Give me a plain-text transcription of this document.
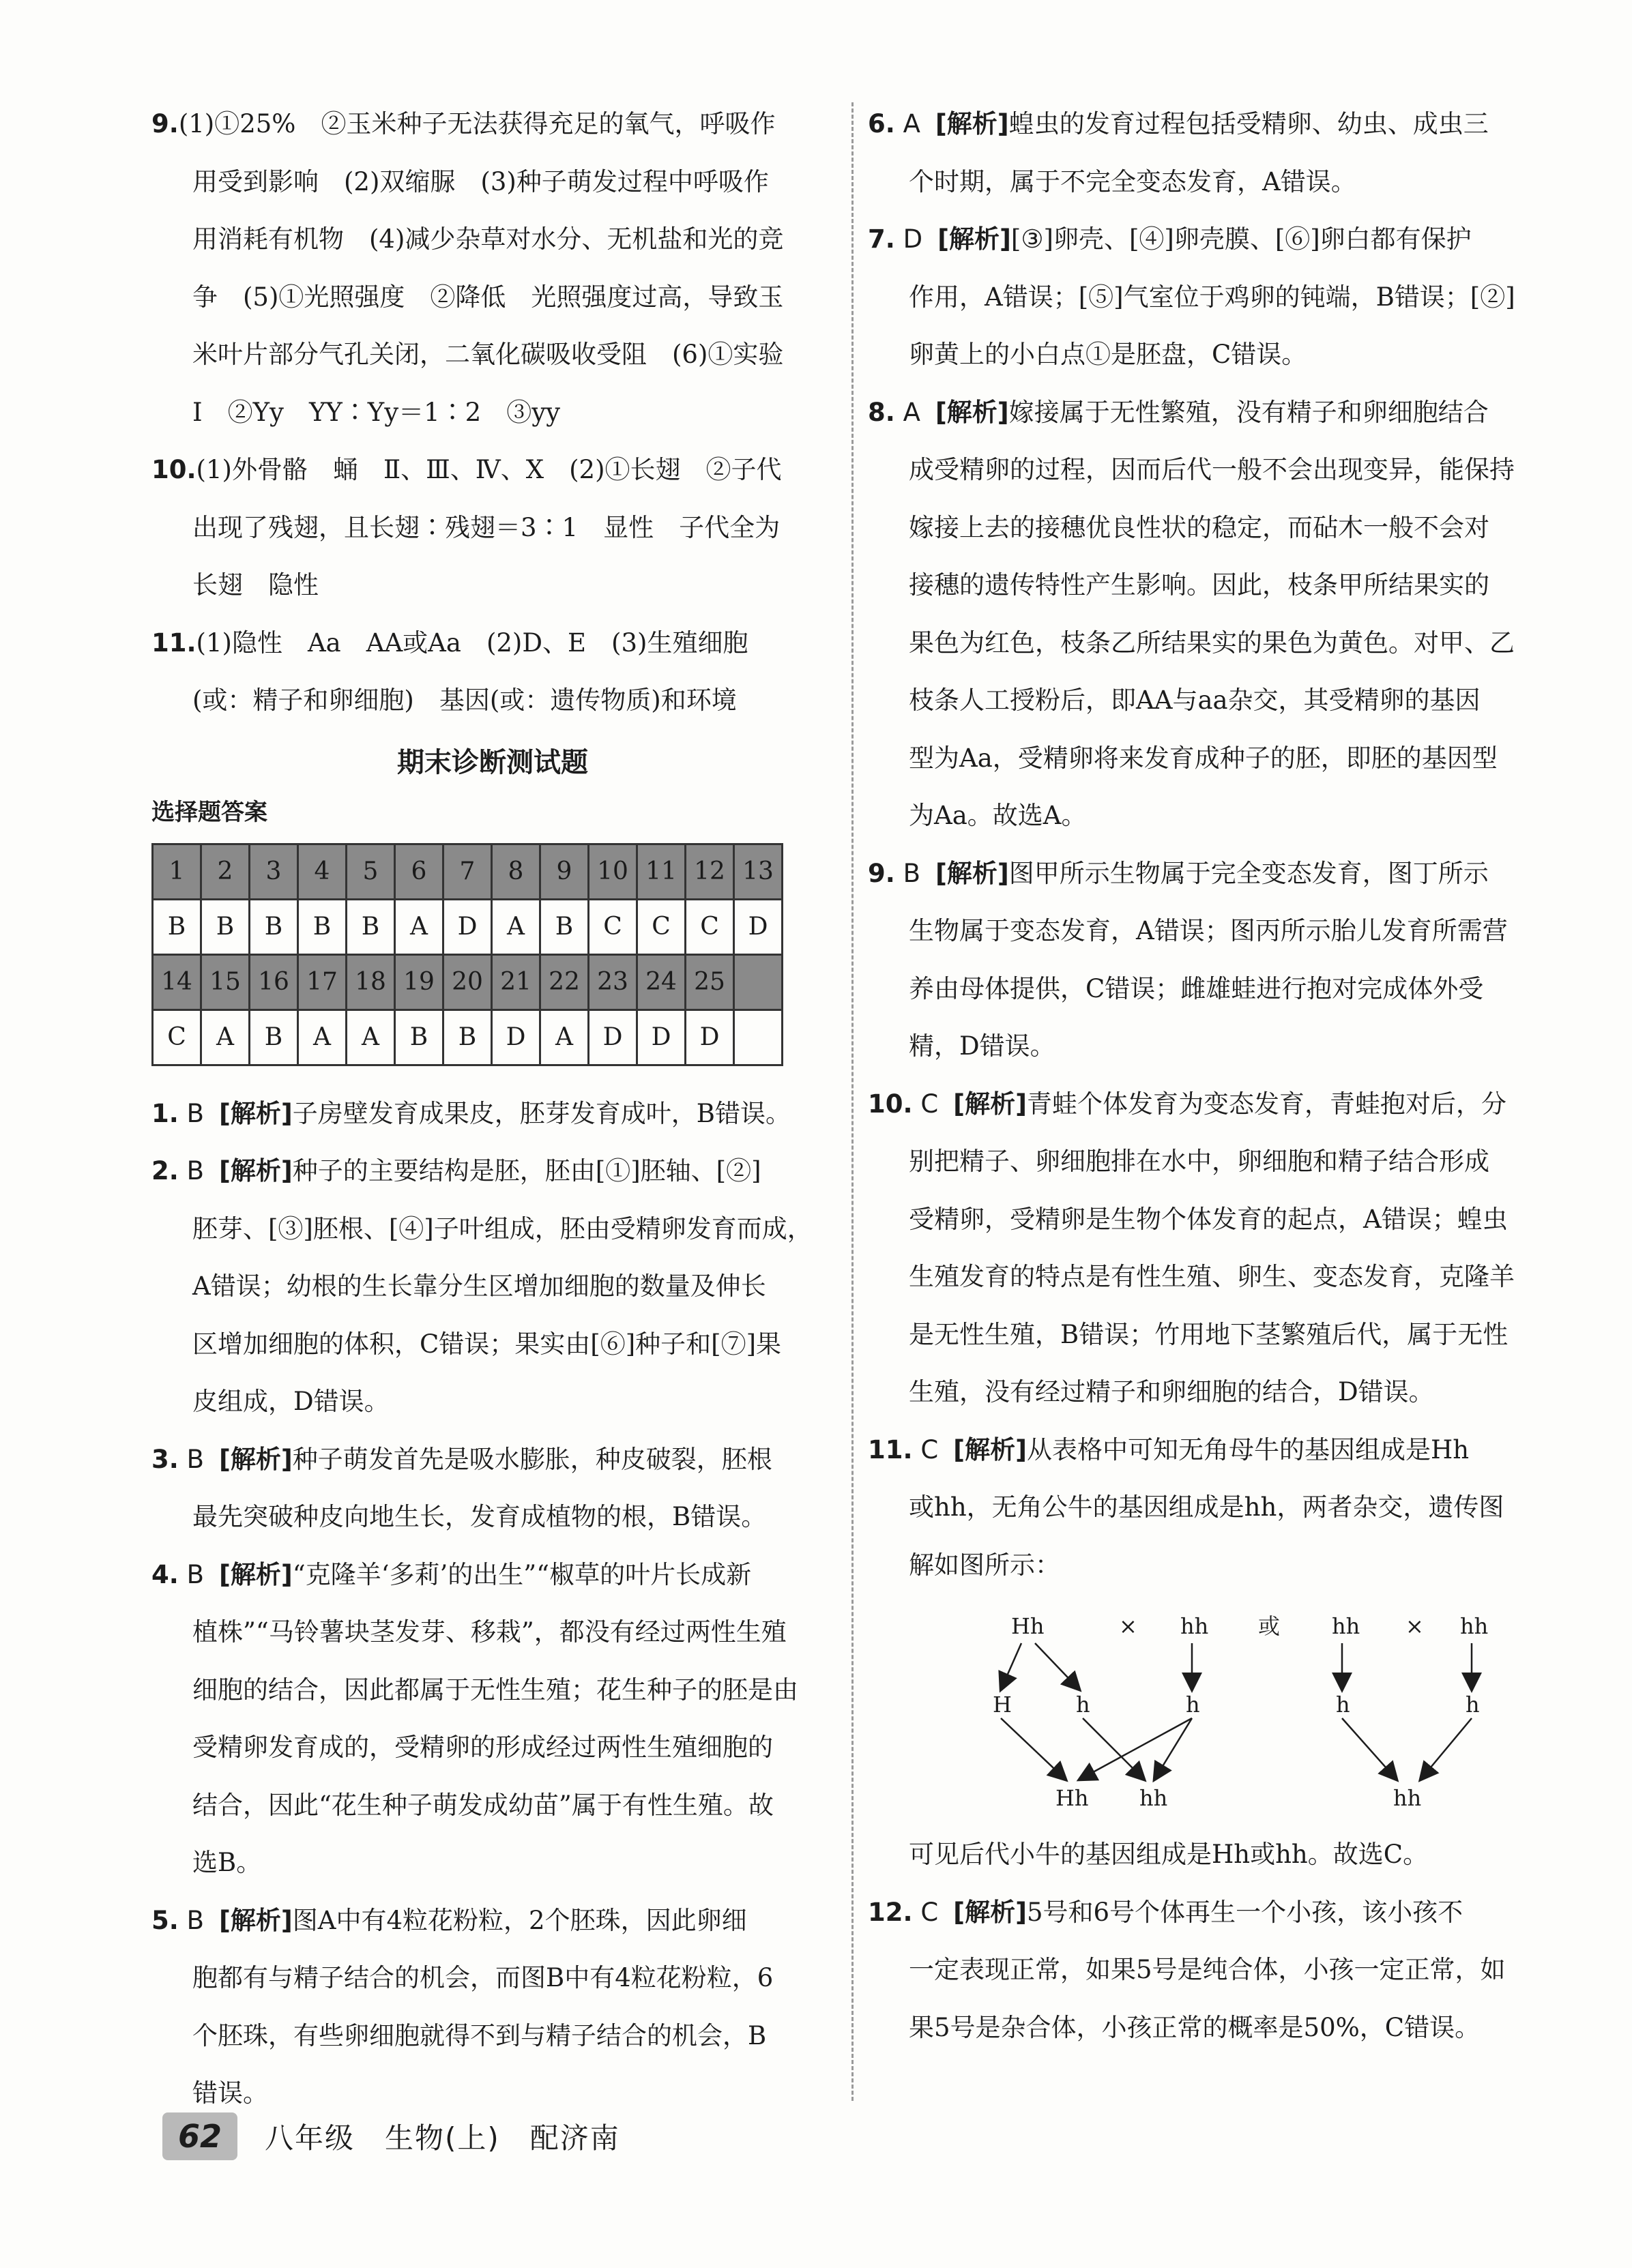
9.(1)①25%　②玉米种子无法获得充足的氧气，呼吸作

用受到影响　(2)双缩脲　(3)种子萌发过程中呼吸作

用消耗有机物　(4)减少杂草对水分、无机盐和光的竞

争　(5)①光照强度　②降低　光照强度过高，导致玉

米叶片部分气孔关闭，二氧化碳吸收受阻　(6)①实验

Ⅰ　②Yy　YY∶Yy＝1∶2　③yy

10.(1)外骨骼　蛹　Ⅱ、Ⅲ、Ⅳ、Ⅹ　(2)①长翅　②子代

出现了残翅，且长翅∶残翅＝3∶1　显性　子代全为

长翅　隐性

11.(1)隐性　Aa　AA或Aa　(2)D、E　(3)生殖细胞

(或：精子和卵细胞)　基因(或：遗传物质)和环境

期末诊断测试题
选择题答案
1	2	3	4	5	6	7	8	9	10	11	12	13
B	B	B	B	B	A	D	A	B	C	C	C	D
14	15	16	17	18	19	20	21	22	23	24	25	
C	A	B	A	A	B	B	D	A	D	D	D	

1. B [解析]子房壁发育成果皮，胚芽发育成叶，B错误。

2. B [解析]种子的主要结构是胚，胚由[①]胚轴、[②]

胚芽、[③]胚根、[④]子叶组成，胚由受精卵发育而成，

A错误；幼根的生长靠分生区增加细胞的数量及伸长

区增加细胞的体积，C错误；果实由[⑥]种子和[⑦]果

皮组成，D错误。

3. B [解析]种子萌发首先是吸水膨胀，种皮破裂，胚根

最先突破种皮向地生长，发育成植物的根，B错误。

4. B [解析]“克隆羊‘多莉’的出生”“椒草的叶片长成新

植株”“马铃薯块茎发芽、移栽”，都没有经过两性生殖

细胞的结合，因此都属于无性生殖；花生种子的胚是由

受精卵发育成的，受精卵的形成经过两性生殖细胞的

结合，因此“花生种子萌发成幼苗”属于有性生殖。故

选B。

5. B [解析]图A中有4粒花粉粒，2个胚珠，因此卵细

胞都有与精子结合的机会，而图B中有4粒花粉粒，6

个胚珠，有些卵细胞就得不到与精子结合的机会，B

错误。

6. A [解析]蝗虫的发育过程包括受精卵、幼虫、成虫三

个时期，属于不完全变态发育，A错误。

7. D [解析][③]卵壳、[④]卵壳膜、[⑥]卵白都有保护

作用，A错误；[⑤]气室位于鸡卵的钝端，B错误；[②]

卵黄上的小白点①是胚盘，C错误。

8. A [解析]嫁接属于无性繁殖，没有精子和卵细胞结合

成受精卵的过程，因而后代一般不会出现变异，能保持

嫁接上去的接穗优良性状的稳定，而砧木一般不会对

接穗的遗传特性产生影响。因此，枝条甲所结果实的

果色为红色，枝条乙所结果实的果色为黄色。对甲、乙

枝条人工授粉后，即AA与aa杂交，其受精卵的基因

型为Aa，受精卵将来发育成种子的胚，即胚的基因型

为Aa。故选A。

9. B [解析]图甲所示生物属于完全变态发育，图丁所示

生物属于变态发育，A错误；图丙所示胎儿发育所需营

养由母体提供，C错误；雌雄蛙进行抱对完成体外受

精，D错误。

10. C [解析]青蛙个体发育为变态发育，青蛙抱对后，分

别把精子、卵细胞排在水中，卵细胞和精子结合形成

受精卵，受精卵是生物个体发育的起点，A错误；蝗虫

生殖发育的特点是有性生殖、卵生、变态发育，克隆羊

是无性生殖，B错误；竹用地下茎繁殖后代，属于无性

生殖，没有经过精子和卵细胞的结合，D错误。

11. C [解析]从表格中可知无角母牛的基因组成是Hh

或hh，无角公牛的基因组成是hh，两者杂交，遗传图

解如图所示：

Hh	× hh 或 hh × hh
H	h	h	h	h
Hh hh	hh

可见后代小牛的基因组成是Hh或hh。故选C。

12. C [解析]5号和6号个体再生一个小孩，该小孩不

一定表现正常，如果5号是纯合体，小孩一定正常，如

果5号是杂合体，小孩正常的概率是50%，C错误。

62	八年级　生物(上)　配济南
